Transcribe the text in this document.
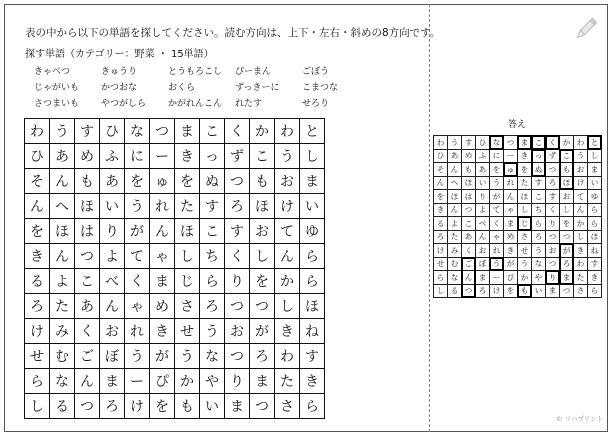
表の中から以下の単語を探してください。読む方向は、上下・左右・斜めの8方向です。
探す単語（カテゴリー：野菜 ・ 15単語）
きゃべつ	きゅうり	とうもろこし	ぴーまん	ごぼう
じゃがいも	かつおな	おくら	ずっきーに	こまつな
さつまいも	やつがしら	かがれんこん	れたす	せろり
わ う す ひ な つ ま こ く か わ と
ひ あ め ふ に ー き っ ず こ う し
そ ん も あ を ゅ を ぬ つ も お ま
ん へ ほ い う れ た す ろ ほ け い
を ほ は り が ん ほ こ す お て ゆ
き ん つ よ て ゃ し ち く し ん ら
る よ こ べ く ま じ ら り を か ら
ろ た あ ん ゃ め さ ろ つ つ し ほ
け み く お れ き せ う お が き ね
せ む ご ぼ う が う な つ ろ わ す
ら な ん ま ー ぴ か や り ま た き
し る つ ろ け を も い ま つ さ ら
答え
わ う す ひ な つ ま こ く か わ と
ひ あ め ふ に ー き っ ず こ う し
そ ん も あ を ゅ を ぬ つ も お ま
ん へ ほ い う れ た す ろ ほ け い
を ほ は り が ん ほ こ す お て ゆ
き ん つ よ て ゃ し ち く し ん ら
る よ こ べ く ま じ ら り を か ら
ろ た あ ん ゃ め さ ろ つ つ し ほ
け み く お れ き せ う お が き ね
せ む ご ぼ う が う な つ ろ わ す
ら な ん ま ー ぴ か や り ま た き
し る つ ろ け を も い ま つ さ ら
© リハプリント
